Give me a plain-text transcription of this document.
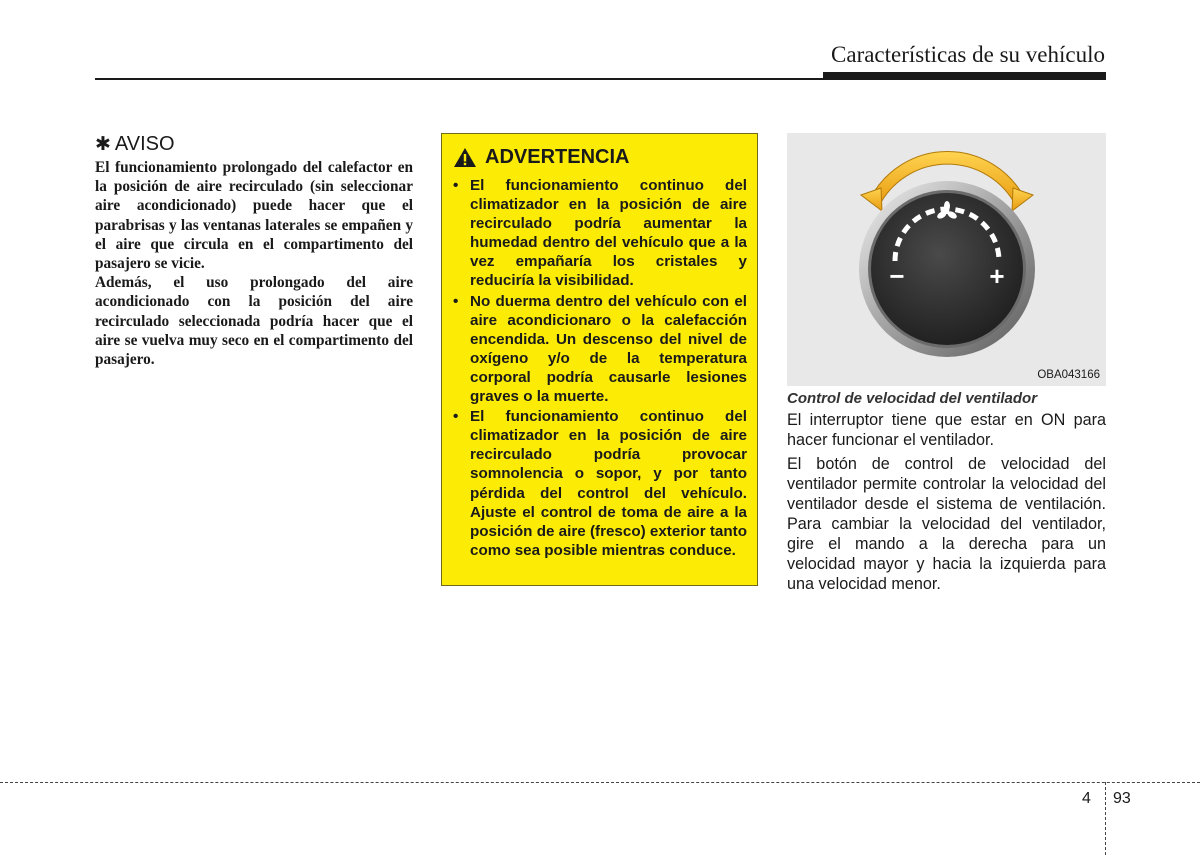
Características de su vehículo
✱ AVISO

El funcionamiento prolongado del calefactor en la posición de aire recirculado (sin seleccionar aire acondicionado) puede hacer que el parabrisas y las ventanas laterales se empañen y el aire que circula en el compartimento del pasajero se vicie.

Además, el uso prolongado del aire acondicionado con la posición del aire recirculado seleccionada podría hacer que el aire se vuelva muy seco en el compartimento del pasajero.

ADVERTENCIA
• El funcionamiento continuo del climatizador en la posición de aire recirculado podría aumentar la humedad dentro del vehículo que a la vez empañaría los cristales y reduciría la visibilidad.
• No duerma dentro del vehículo con el aire acondicionaro o la calefacción encendida. Un descenso del nivel de oxígeno y/o de la temperatura corporal podría causarle lesiones graves o la muerte.
• El funcionamiento continuo del climatizador en la posición de aire recirculado podría provocar somnolencia o sopor, y por tanto pérdida del control del vehículo. Ajuste el control de toma de aire a la posición de aire (fresco) exterior tanto como sea posible mientras conduce.
−	+
OBA043166

Control de velocidad del ventilador

El interruptor tiene que estar en ON para hacer funcionar el ventilador.

El botón de control de velocidad del ventilador permite controlar la velocidad del ventilador desde el sistema de ventilación. Para cambiar la velocidad del ventilador, gire el mando a la derecha para un velocidad mayor y hacia la izquierda para una velocidad menor.

4 93
